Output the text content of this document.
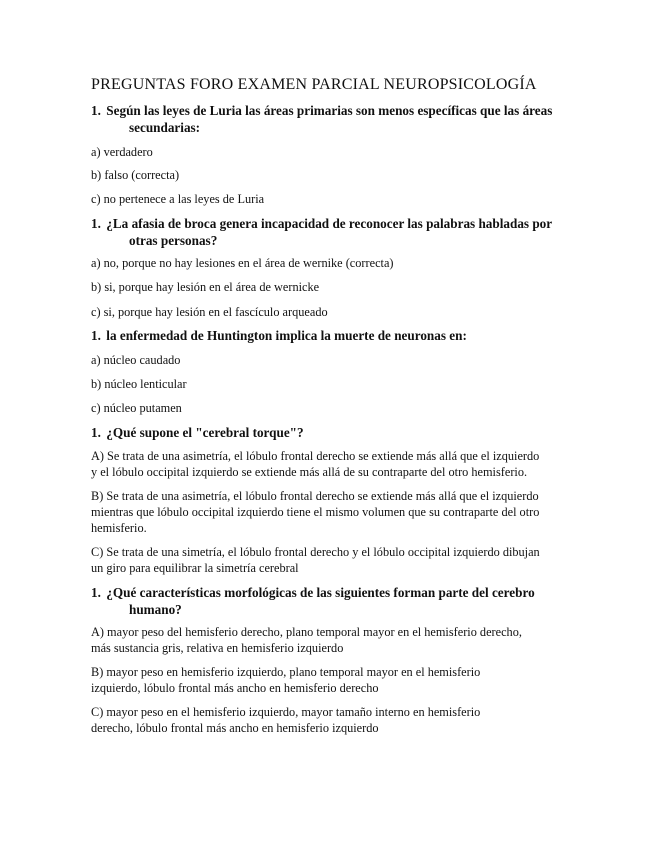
PREGUNTAS FORO EXAMEN PARCIAL NEUROPSICOLOGÍA
1. Según las leyes de Luria las áreas primarias son menos específicas que las áreas
secundarias:
a) verdadero
b) falso (correcta)
c) no pertenece a las leyes de Luria
1. ¿La afasia de broca genera incapacidad de reconocer las palabras habladas por
otras personas?
a) no, porque no hay lesiones en el área de wernike (correcta)
b) si, porque hay lesión en el área de wernicke
c) si, porque hay lesión en el fascículo arqueado
1. la enfermedad de Huntington implica la muerte de neuronas en:
a) núcleo caudado
b) núcleo lenticular
c) núcleo putamen
1. ¿Qué supone el "cerebral torque"?
A) Se trata de una asimetría, el lóbulo frontal derecho se extiende más allá que el izquierdo
y el lóbulo occipital izquierdo se extiende más allá de su contraparte del otro hemisferio.
B) Se trata de una asimetría, el lóbulo frontal derecho se extiende más allá que el izquierdo
mientras que lóbulo occipital izquierdo tiene el mismo volumen que su contraparte del otro
hemisferio.
C) Se trata de una simetría, el lóbulo frontal derecho y el lóbulo occipital izquierdo dibujan
un giro para equilibrar la simetría cerebral
1. ¿Qué características morfológicas de las siguientes forman parte del cerebro
humano?
A) mayor peso del hemisferio derecho, plano temporal mayor en el hemisferio derecho,
más sustancia gris, relativa en hemisferio izquierdo
B) mayor peso en hemisferio izquierdo, plano temporal mayor en el hemisferio
izquierdo, lóbulo frontal más ancho en hemisferio derecho
C) mayor peso en el hemisferio izquierdo, mayor tamaño interno en hemisferio
derecho, lóbulo frontal más ancho en hemisferio izquierdo
